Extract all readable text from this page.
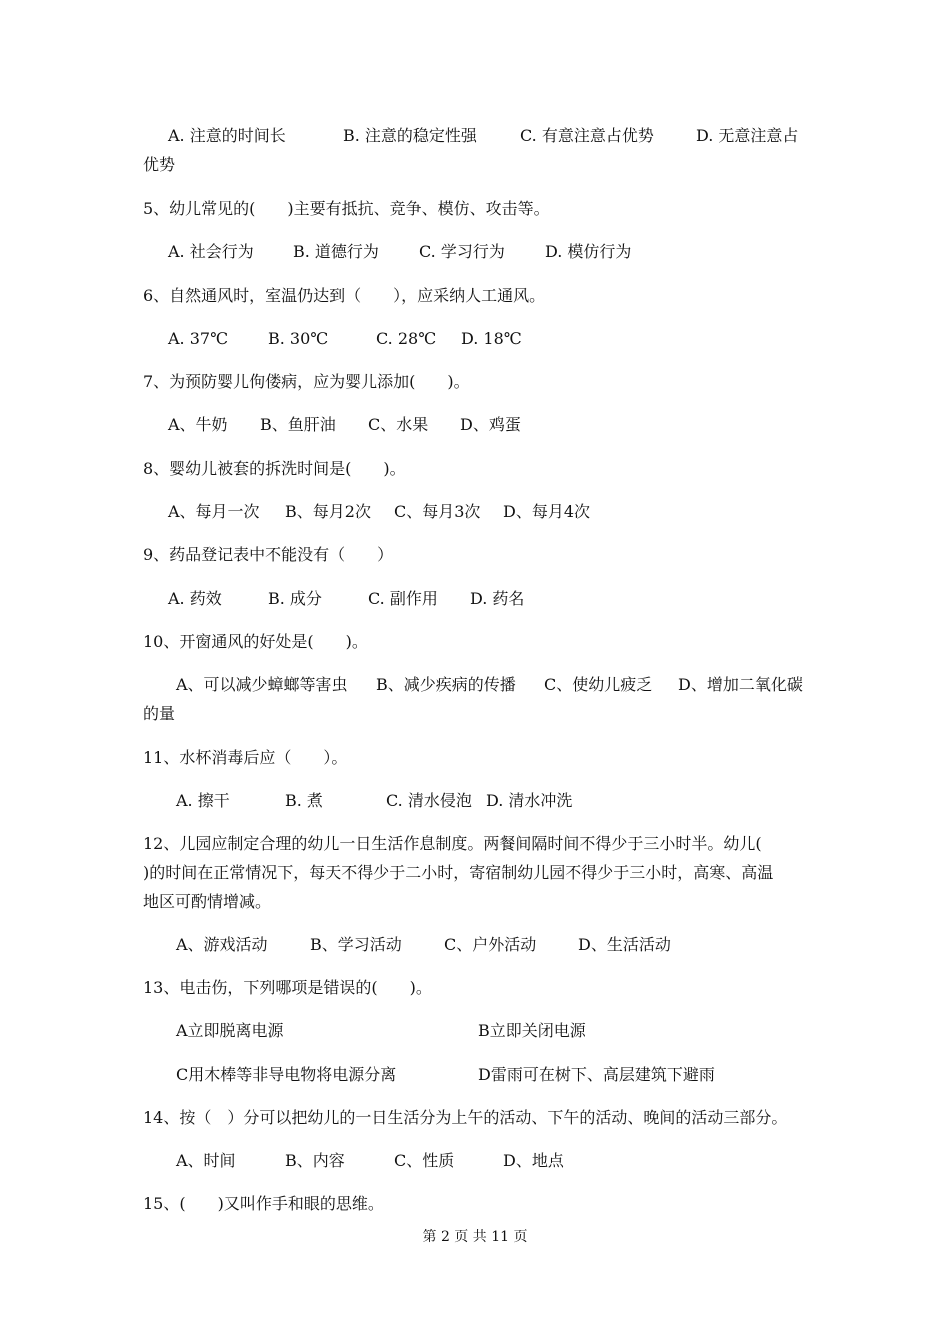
A. 注意的时间长

	B. 注意的稳定性强

	C. 有意注意占优势

	D. 无意注意占

优势
5、幼儿常见的(　　)主要有抵抗、竞争、模仿、攻击等。

A. 社会行为

B. 道德行为

	C. 学习行为

	D. 模仿行为

6、自然通风时，室温仍达到（　　），应采纳人工通风。

A. 37℃

	B. 30℃

	C. 28℃

D. 18℃

7、为预防婴儿佝偻病，应为婴儿添加(　　)。

A、牛奶

B、鱼肝油

C、水果

D、鸡蛋

8、婴幼儿被套的拆洗时间是(　　)。

A、每月一次

B、每月2次

C、每月3次

D、每月4次

9、药品登记表中不能没有（　　）

A. 药效

	B. 成分

	C. 副作用

D. 药名

10、开窗通风的好处是(　　)。

A、可以减少蟑螂等害虫

B、减少疾病的传播

C、使幼儿疲乏

D、增加二氧化碳

的量
11、水杯消毒后应（　　）。

A. 擦干

	B. 煮

	C. 清水侵泡

D. 清水冲洗

12、儿园应制定合理的幼儿一日生活作息制度。两餐间隔时间不得少于三小时半。幼儿(
)的时间在正常情况下，每天不得少于二小时，寄宿制幼儿园不得少于三小时，高寒、高温
地区可酌情增减。

A、游戏活动

	B、学习活动

	C、户外活动

	D、生活活动

13、电击伤，下列哪项是错误的(　　)。

A立即脱离电源

	B立即关闭电源

C用木棒等非导电物将电源分离

	D雷雨可在树下、高层建筑下避雨

14、按（　）分可以把幼儿的一日生活分为上午的活动、下午的活动、晚间的活动三部分。

A、时间

	B、内容

	C、性质

	D、地点

15、(　　)又叫作手和眼的思维。
第 2 页 共 11 页
